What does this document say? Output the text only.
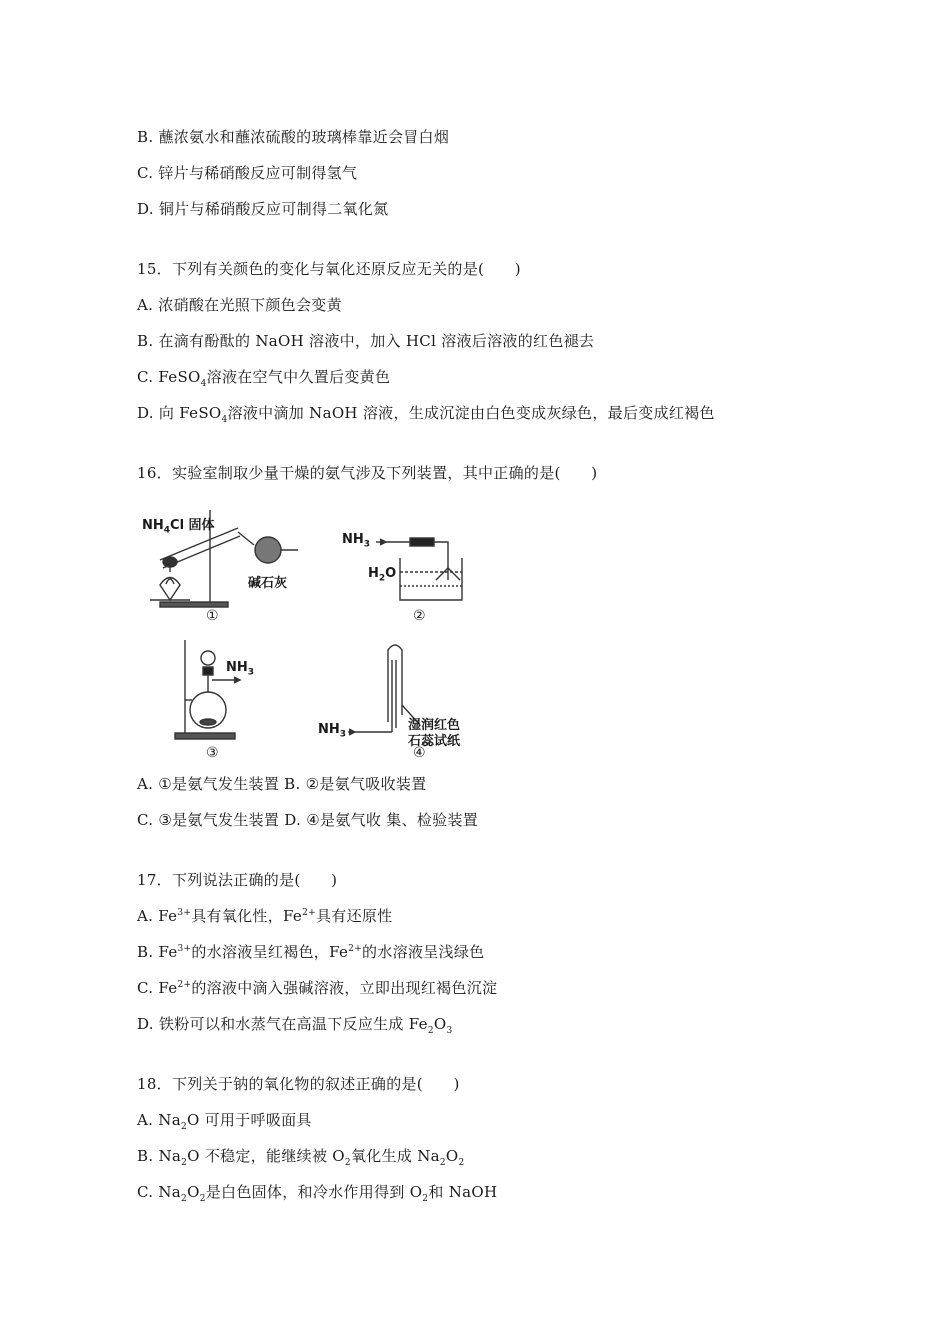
B. 蘸浓氨水和蘸浓硫酸的玻璃棒靠近会冒白烟
C. 锌片与稀硝酸反应可制得氢气
D. 铜片与稀硝酸反应可制得二氧化氮
15．下列有关颜色的变化与氧化还原反应无关的是(　　)
A. 浓硝酸在光照下颜色会变黄
B. 在滴有酚酞的 NaOH 溶液中，加入 HCl 溶液后溶液的红色褪去
C. FeSO$_4$溶液在空气中久置后变黄色
D. 向 FeSO$_4$溶液中滴加 NaOH 溶液，生成沉淀由白色变成灰绿色，最后变成红褐色
16．实验室制取少量干燥的氨气涉及下列装置，其中正确的是(　　)
$NH_4Cl$ 固体
碱石灰
①
$NH_3$
$H_2O$
②
$NH_3$
③
$NH_3$
湿润红色
石蕊试纸
④
A. ①是氨气发生装置 B. ②是氨气吸收装置
C. ③是氨气发生装置 D. ④是氨气收 集、检验装置
17．下列说法正确的是(　　)
A. $Fe^{3+}$具有氧化性，$Fe^{2+}$具有还原性
B. $Fe^{3+}$的水溶液呈红褐色，$Fe^{2+}$的水溶液呈浅绿色
C. $Fe^{2+}$的溶液中滴入强碱溶液，立即出现红褐色沉淀
D. 铁粉可以和水蒸气在高温下反应生成 $Fe_2O_3$
18．下列关于钠的氧化物的叙述正确的是(　　)
A. $Na_2O$ 可用于呼吸面具
B. $Na_2O$ 不稳定，能继续被 $O_2$氧化生成 $Na_2O_2$
C. $Na_2O_2$是白色固体，和冷水作用得到 $O_2$和 NaOH
